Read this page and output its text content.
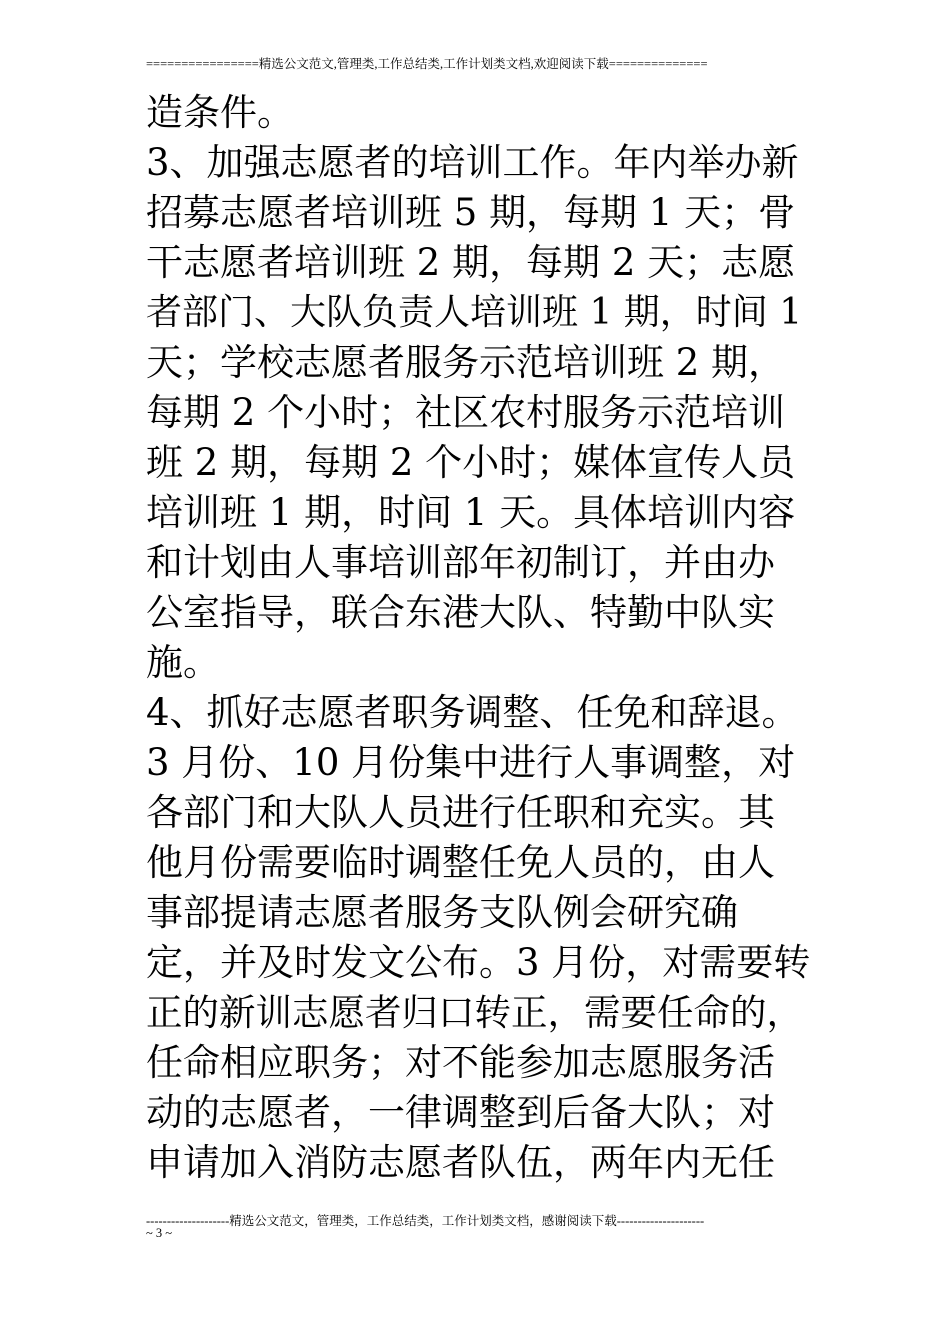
================精选公文范文,管理类,工作总结类,工作计划类文档,欢迎阅读下载==============
造条件。
3、加强志愿者的培训工作。年内举办新
招募志愿者培训班 5 期，每期 1 天；骨
干志愿者培训班 2 期，每期 2 天；志愿
者部门、大队负责人培训班 1 期，时间 1
天；学校志愿者服务示范培训班 2 期，
每期 2 个小时；社区农村服务示范培训
班 2 期，每期 2 个小时；媒体宣传人员
培训班 1 期，时间 1 天。具体培训内容
和计划由人事培训部年初制订，并由办
公室指导，联合东港大队、特勤中队实
施。
4、抓好志愿者职务调整、任免和辞退。
3 月份、10 月份集中进行人事调整，对
各部门和大队人员进行任职和充实。其
他月份需要临时调整任免人员的，由人
事部提请志愿者服务支队例会研究确
定，并及时发文公布。3 月份，对需要转
正的新训志愿者归口转正，需要任命的，
任命相应职务；对不能参加志愿服务活
动的志愿者，一律调整到后备大队；对
申请加入消防志愿者队伍，两年内无任
--------------------精选公文范文，管理类，工作总结类，工作计划类文档，感谢阅读下载---------------------
~ 3 ~
